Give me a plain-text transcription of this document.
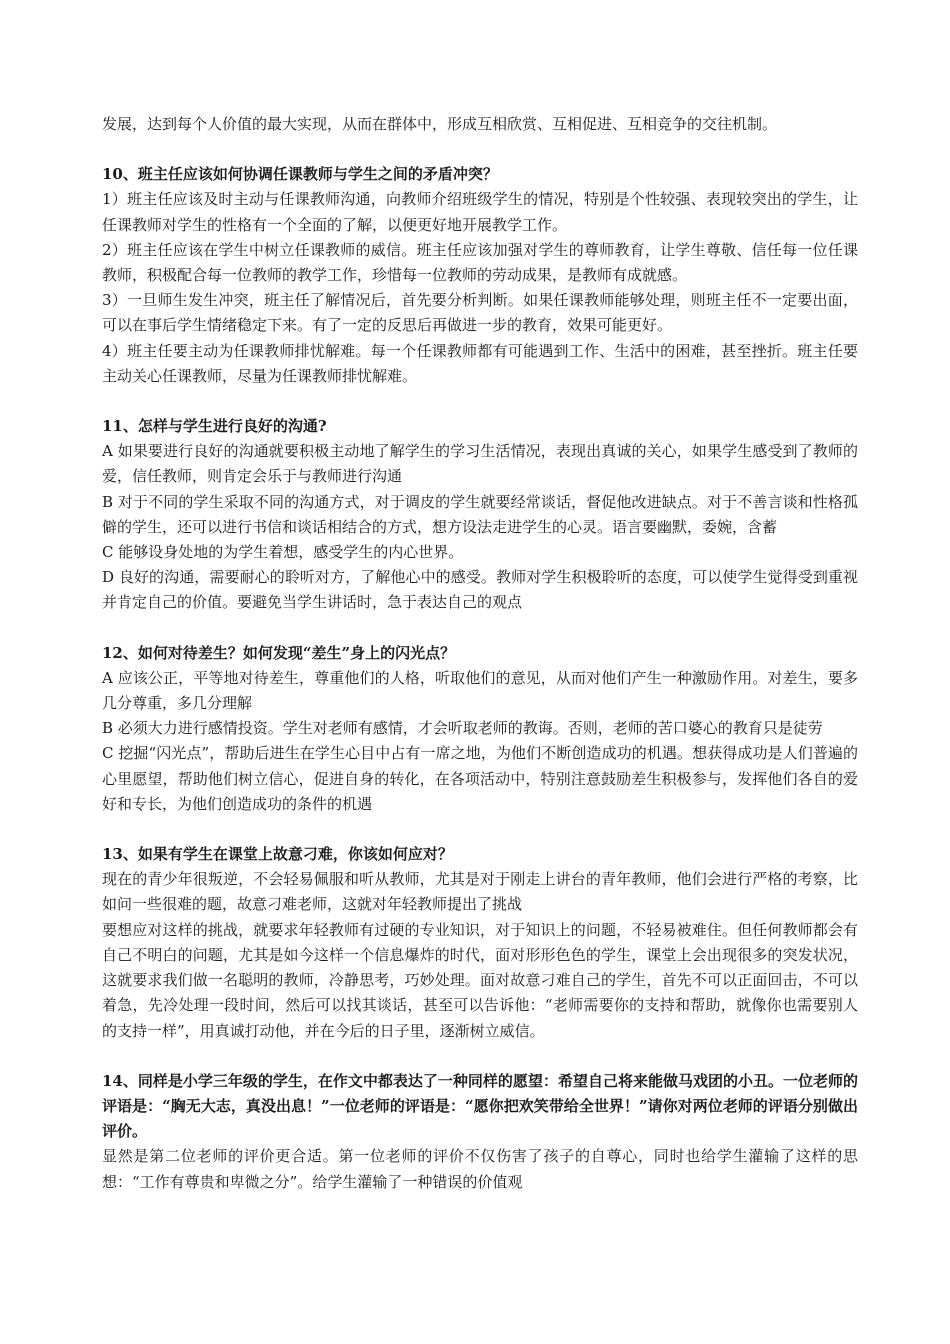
发展，达到每个人价值的最大实现，从而在群体中，形成互相欣赏、互相促进、互相竞争的交往机制。

10、班主任应该如何协调任课教师与学生之间的矛盾冲突？

1）班主任应该及时主动与任课教师沟通，向教师介绍班级学生的情况，特别是个性较强、表现较突出的学生，让任课教师对学生的性格有一个全面的了解，以便更好地开展教学工作。

2）班主任应该在学生中树立任课教师的威信。班主任应该加强对学生的尊师教育，让学生尊敬、信任每一位任课教师，积极配合每一位教师的教学工作，珍惜每一位教师的劳动成果，是教师有成就感。

3）一旦师生发生冲突，班主任了解情况后，首先要分析判断。如果任课教师能够处理，则班主任不一定要出面，可以在事后学生情绪稳定下来。有了一定的反思后再做进一步的教育，效果可能更好。

4）班主任要主动为任课教师排忧解难。每一个任课教师都有可能遇到工作、生活中的困难，甚至挫折。班主任要主动关心任课教师，尽量为任课教师排忧解难。

11、怎样与学生进行良好的沟通?

A 如果要进行良好的沟通就要积极主动地了解学生的学习生活情况，表现出真诚的关心，如果学生感受到了教师的爱，信任教师，则肯定会乐于与教师进行沟通

B 对于不同的学生采取不同的沟通方式，对于调皮的学生就要经常谈话，督促他改进缺点。对于不善言谈和性格孤僻的学生，还可以进行书信和谈话相结合的方式，想方设法走进学生的心灵。语言要幽默，委婉，含蓄

C 能够设身处地的为学生着想，感受学生的内心世界。

D 良好的沟通，需要耐心的聆听对方，了解他心中的感受。教师对学生积极聆听的态度，可以使学生觉得受到重视并肯定自己的价值。要避免当学生讲话时，急于表达自己的观点

12、如何对待差生？如何发现“差生”身上的闪光点？

A 应该公正，平等地对待差生，尊重他们的人格，听取他们的意见，从而对他们产生一种激励作用。对差生，要多几分尊重，多几分理解

B 必须大力进行感情投资。学生对老师有感情，才会听取老师的教诲。否则，老师的苦口婆心的教育只是徒劳

C 挖掘“闪光点”，帮助后进生在学生心目中占有一席之地，为他们不断创造成功的机遇。想获得成功是人们普遍的心里愿望，帮助他们树立信心，促进自身的转化，在各项活动中，特别注意鼓励差生积极参与，发挥他们各自的爱好和专长，为他们创造成功的条件的机遇

13、如果有学生在课堂上故意刁难，你该如何应对？

现在的青少年很叛逆，不会轻易佩服和听从教师，尤其是对于刚走上讲台的青年教师，他们会进行严格的考察，比如问一些很难的题，故意刁难老师，这就对年轻教师提出了挑战

要想应对这样的挑战，就要求年轻教师有过硬的专业知识，对于知识上的问题，不轻易被难住。但任何教师都会有自己不明白的问题，尤其是如今这样一个信息爆炸的时代，面对形形色色的学生，课堂上会出现很多的突发状况，这就要求我们做一名聪明的教师，冷静思考，巧妙处理。面对故意刁难自己的学生，首先不可以正面回击，不可以着急，先冷处理一段时间，然后可以找其谈话，甚至可以告诉他：“老师需要你的支持和帮助，就像你也需要别人的支持一样”，用真诚打动他，并在今后的日子里，逐渐树立威信。

14、同样是小学三年级的学生，在作文中都表达了一种同样的愿望：希望自己将来能做马戏团的小丑。一位老师的评语是：“胸无大志，真没出息！”一位老师的评语是：“愿你把欢笑带给全世界！”请你对两位老师的评语分别做出评价。

显然是第二位老师的评价更合适。第一位老师的评价不仅伤害了孩子的自尊心，同时也给学生灌输了这样的思想：“工作有尊贵和卑微之分”。给学生灌输了一种错误的价值观
